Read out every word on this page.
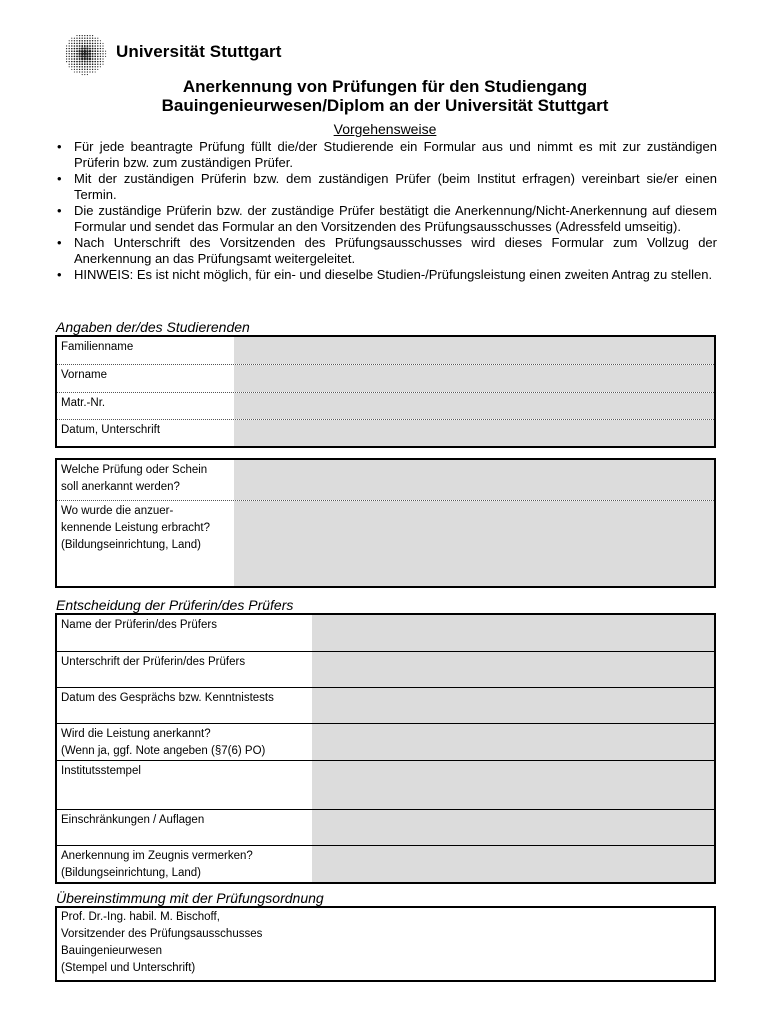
Universität Stuttgart
Anerkennung von Prüfungen für den Studiengang
Bauingenieurwesen/Diplom an der Universität Stuttgart
Vorgehensweise
• Für jede beantragte Prüfung füllt die/der Studierende ein Formular aus und nimmt es mit zur zuständigen Prüferin bzw. zum zuständigen Prüfer.
• Mit der zuständigen Prüferin bzw. dem zuständigen Prüfer (beim Institut erfragen) vereinbart sie/er einen Termin.
• Die zuständige Prüferin bzw. der zuständige Prüfer bestätigt die Anerkennung/Nicht-Anerkennung auf diesem Formular und sendet das Formular an den Vorsitzenden des Prüfungsausschusses (Adressfeld umseitig).
• Nach Unterschrift des Vorsitzenden des Prüfungsausschusses wird dieses Formular zum Vollzug der Anerkennung an das Prüfungsamt weitergeleitet.
• HINWEIS: Es ist nicht möglich, für ein- und dieselbe Studien-/Prüfungsleistung einen zweiten Antrag zu stellen.
Angaben der/des Studierenden
Familienname
Vorname
Matr.-Nr.
Datum, Unterschrift
Welche Prüfung oder Schein
soll anerkannt werden?
Wo wurde die anzuer-
kennende Leistung erbracht?
(Bildungseinrichtung, Land)
Entscheidung der Prüferin/des Prüfers
Name der Prüferin/des Prüfers
Unterschrift der Prüferin/des Prüfers
Datum des Gesprächs bzw. Kenntnistests
Wird die Leistung anerkannt?
(Wenn ja, ggf. Note angeben (§7(6) PO)
Institutsstempel
Einschränkungen / Auflagen
Anerkennung im Zeugnis vermerken?
(Bildungseinrichtung, Land)
Übereinstimmung mit der Prüfungsordnung
Prof. Dr.-Ing. habil. M. Bischoff,
Vorsitzender des Prüfungsausschusses
Bauingenieurwesen
(Stempel und Unterschrift)
